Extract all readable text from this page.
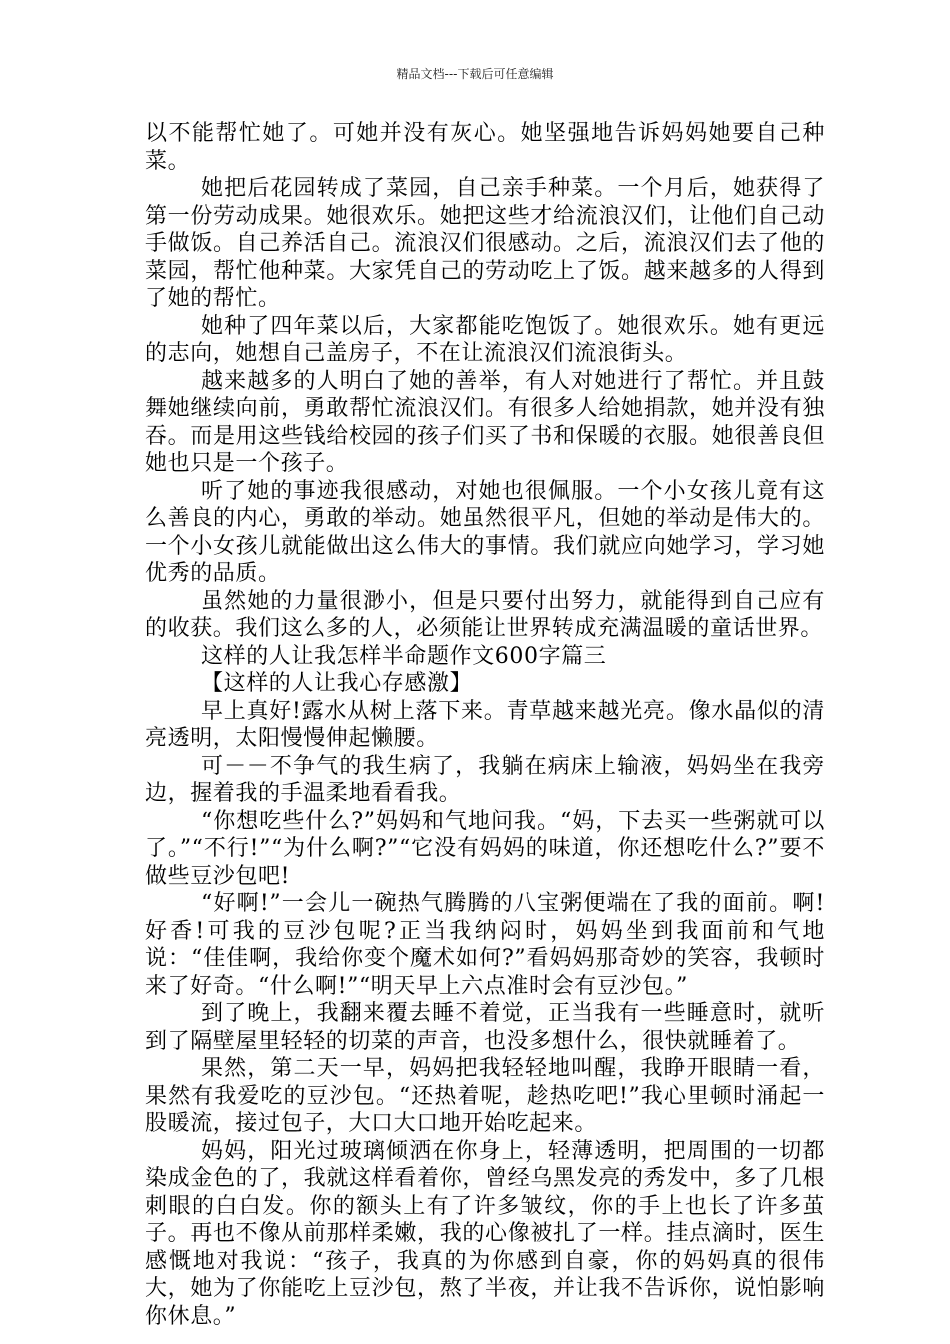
精品文档---下载后可任意编辑

以不能帮忙她了。可她并没有灰心。她坚强地告诉妈妈她要自己种菜。

她把后花园转成了菜园，自己亲手种菜。一个月后，她获得了第一份劳动成果。她很欢乐。她把这些才给流浪汉们，让他们自己动手做饭。自己养活自己。流浪汉们很感动。之后，流浪汉们去了他的菜园，帮忙他种菜。大家凭自己的劳动吃上了饭。越来越多的人得到了她的帮忙。

她种了四年菜以后，大家都能吃饱饭了。她很欢乐。她有更远的志向，她想自己盖房子，不在让流浪汉们流浪街头。

越来越多的人明白了她的善举，有人对她进行了帮忙。并且鼓舞她继续向前，勇敢帮忙流浪汉们。有很多人给她捐款，她并没有独吞。而是用这些钱给校园的孩子们买了书和保暖的衣服。她很善良但她也只是一个孩子。

听了她的事迹我很感动，对她也很佩服。一个小女孩儿竟有这么善良的内心，勇敢的举动。她虽然很平凡，但她的举动是伟大的。一个小女孩儿就能做出这么伟大的事情。我们就应向她学习，学习她优秀的品质。

虽然她的力量很渺小，但是只要付出努力，就能得到自己应有的收获。我们这么多的人，必须能让世界转成充满温暖的童话世界。

这样的人让我怎样半命题作文600字篇三

【这样的人让我心存感激】

早上真好!露水从树上落下来。青草越来越光亮。像水晶似的清亮透明，太阳慢慢伸起懒腰。

可－－不争气的我生病了，我躺在病床上输液，妈妈坐在我旁边，握着我的手温柔地看看我。

“你想吃些什么?”妈妈和气地问我。“妈，下去买一些粥就可以了。”“不行!”“为什么啊?”“它没有妈妈的味道，你还想吃什么?”要不做些豆沙包吧!

“好啊!”一会儿一碗热气腾腾的八宝粥便端在了我的面前。啊!好香!可我的豆沙包呢?正当我纳闷时，妈妈坐到我面前和气地说：“佳佳啊，我给你变个魔术如何?”看妈妈那奇妙的笑容，我顿时来了好奇。“什么啊!”“明天早上六点准时会有豆沙包。”

到了晚上，我翻来覆去睡不着觉，正当我有一些睡意时，就听到了隔壁屋里轻轻的切菜的声音，也没多想什么，很快就睡着了。

果然，第二天一早，妈妈把我轻轻地叫醒，我睁开眼睛一看，果然有我爱吃的豆沙包。“还热着呢，趁热吃吧!”我心里顿时涌起一股暖流，接过包子，大口大口地开始吃起来。

妈妈，阳光过玻璃倾洒在你身上，轻薄透明，把周围的一切都染成金色的了，我就这样看着你，曾经乌黑发亮的秀发中，多了几根刺眼的白白发。你的额头上有了许多皱纹，你的手上也长了许多茧子。再也不像从前那样柔嫩，我的心像被扎了一样。挂点滴时，医生感慨地对我说：“孩子，我真的为你感到自豪，你的妈妈真的很伟大，她为了你能吃上豆沙包，熬了半夜，并让我不告诉你，说怕影响你休息。”
